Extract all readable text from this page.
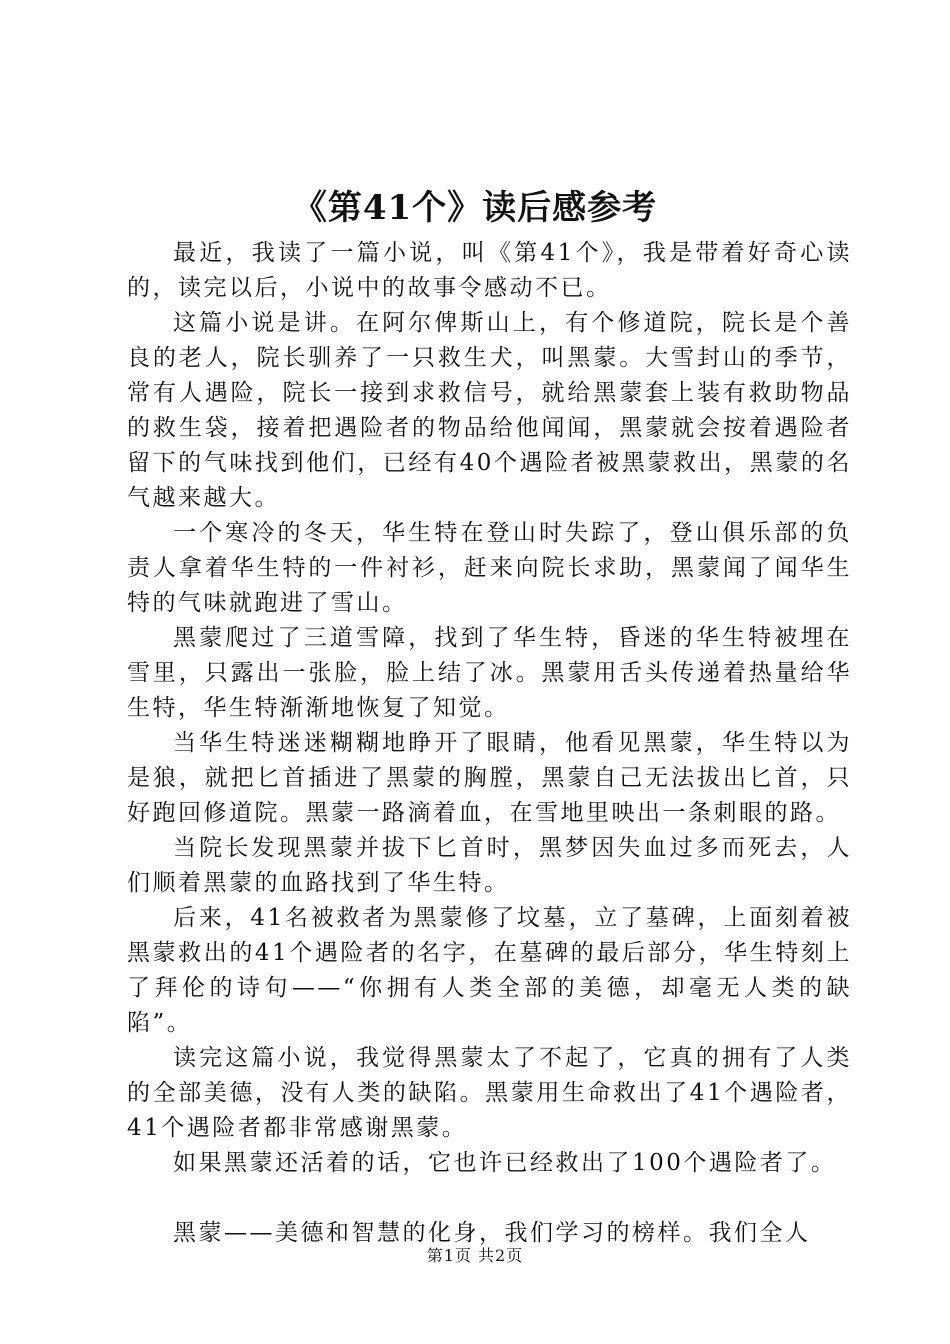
《第41个》读后感参考

最近，我读了一篇小说，叫《第41个》，我是带着好奇心读的，读完以后，小说中的故事令感动不已。

这篇小说是讲。在阿尔俾斯山上，有个修道院，院长是个善良的老人，院长驯养了一只救生犬，叫黑蒙。大雪封山的季节，常有人遇险，院长一接到求救信号，就给黑蒙套上装有救助物品的救生袋，接着把遇险者的物品给他闻闻，黑蒙就会按着遇险者留下的气味找到他们，已经有40个遇险者被黑蒙救出，黑蒙的名气越来越大。

一个寒冷的冬天，华生特在登山时失踪了，登山俱乐部的负责人拿着华生特的一件衬衫，赶来向院长求助，黑蒙闻了闻华生特的气味就跑进了雪山。

黑蒙爬过了三道雪障，找到了华生特，昏迷的华生特被埋在雪里，只露出一张脸，脸上结了冰。黑蒙用舌头传递着热量给华生特，华生特渐渐地恢复了知觉。

当华生特迷迷糊糊地睁开了眼睛，他看见黑蒙，华生特以为是狼，就把匕首插进了黑蒙的胸膛，黑蒙自己无法拔出匕首，只好跑回修道院。黑蒙一路滴着血，在雪地里映出一条刺眼的路。

当院长发现黑蒙并拔下匕首时，黑梦因失血过多而死去，人们顺着黑蒙的血路找到了华生特。

后来，41名被救者为黑蒙修了坟墓，立了墓碑，上面刻着被黑蒙救出的41个遇险者的名字，在墓碑的最后部分，华生特刻上了拜伦的诗句——“你拥有人类全部的美德，却毫无人类的缺陷”。

读完这篇小说，我觉得黑蒙太了不起了，它真的拥有了人类的全部美德，没有人类的缺陷。黑蒙用生命救出了41个遇险者，41个遇险者都非常感谢黑蒙。

如果黑蒙还活着的话，它也许已经救出了100个遇险者了。

黑蒙——美德和智慧的化身，我们学习的榜样。我们全人

第1页 共2页
